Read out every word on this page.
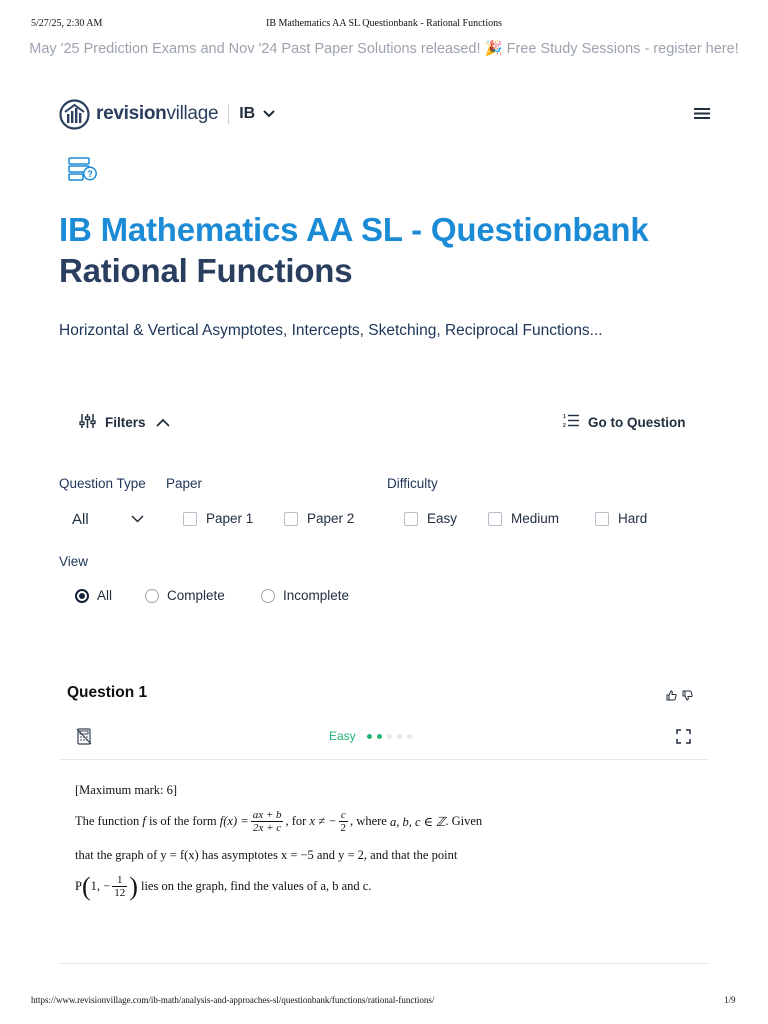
5/27/25, 2:30 AM	IB Mathematics AA SL Questionbank - Rational Functions
May '25 Prediction Exams and Nov '24 Past Paper Solutions released! 🎉 Free Study Sessions - register here!
revisionvillage IB
?
IB Mathematics AA SL - Questionbank
Rational Functions
Horizontal & Vertical Asymptotes, Intercepts, Sketching, Reciprocal Functions...
Filters	1
2 Go to Question
Question Type Paper	Difficulty
All	Paper 1	Paper 2	Easy	Medium	Hard
View
All	Complete	Incomplete
Question 1
Easy
[Maximum mark: 6]
The function f is of the form $f(x) = \frac{ax + b}{2x + c}$ , for x ≠ − $\frac{c}{2}$ , where a, b, c ∈ ℤ . Given
that the graph of y = f(x) has asymptotes x = −5 and y = 2, and that the point
P ( 1, − $\frac{1}{12}$ ) lies on the graph, find the values of a, b and c.
https://www.revisionvillage.com/ib-math/analysis-and-approaches-sl/questionbank/functions/rational-functions/	1/9
